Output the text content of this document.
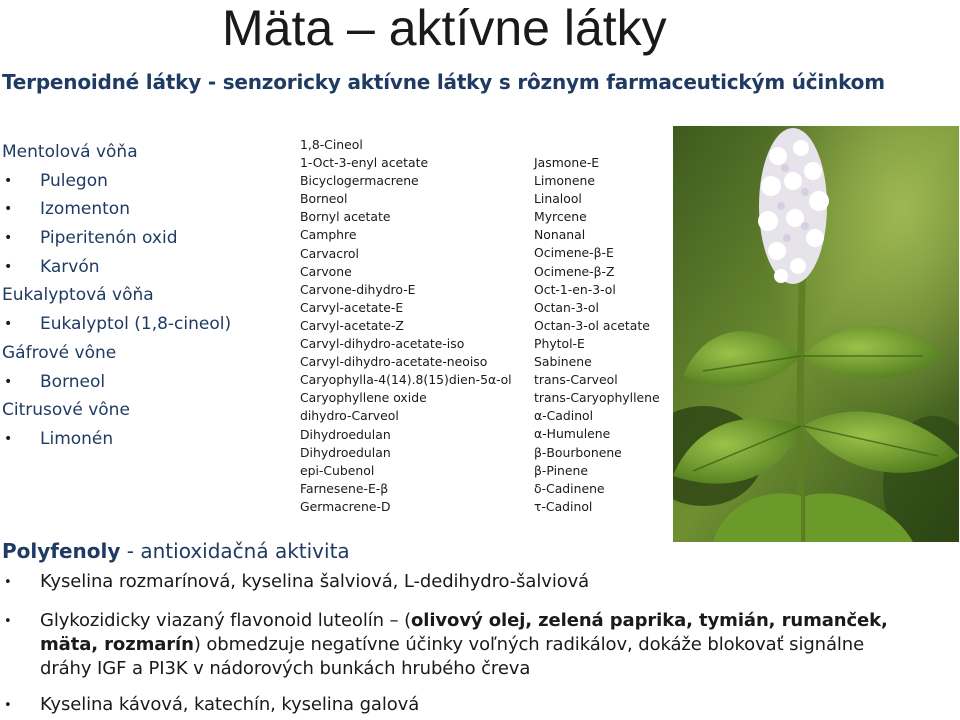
Mäta – aktívne látky

Terpenoidné látky - senzoricky aktívne látky s rôznym farmaceutickým účinkom

Mentolová vôňa
• Pulegon
• Izomenton
• Piperitenón oxid
• Karvón
Eukalyptová vôňa
• Eukalyptol (1,8-cineol)
Gáfrové vône
• Borneol
Citrusové vône
• Limonén
1,8-Cineol
1-Oct-3-enyl acetate
Bicyclogermacrene
Borneol
Bornyl acetate
Camphre
Carvacrol
Carvone
Carvone-dihydro-E
Carvyl-acetate-E
Carvyl-acetate-Z
Carvyl-dihydro-acetate-iso
Carvyl-dihydro-acetate-neoiso
Caryophylla-4(14).8(15)dien-5α-ol
Caryophyllene oxide
dihydro-Carveol
Dihydroedulan
Dihydroedulan
epi-Cubenol
Farnesene-E-β
Germacrene-D
Jasmone-E
Limonene
Linalool
Myrcene
Nonanal
Ocimene-β-E
Ocimene-β-Z
Oct-1-en-3-ol
Octan-3-ol
Octan-3-ol acetate
Phytol-E
Sabinene
trans-Carveol
trans-Caryophyllene
α-Cadinol
α-Humulene
β-Bourbonene
β-Pinene
δ-Cadinene
τ-Cadinol

Polyfenoly - antioxidačná aktivita

• Kyselina rozmarínová, kyselina šalviová, L-dedihydro-šalviová
• Glykozidicky viazaný flavonoid luteolín – (olivový olej, zelená paprika, tymián, rumanček, mäta, rozmarín) obmedzuje negatívne účinky voľných radikálov, dokáže blokovať signálne dráhy IGF a PI3K v nádorových bunkách hrubého čreva
• Kyselina kávová, katechín, kyselina galová
